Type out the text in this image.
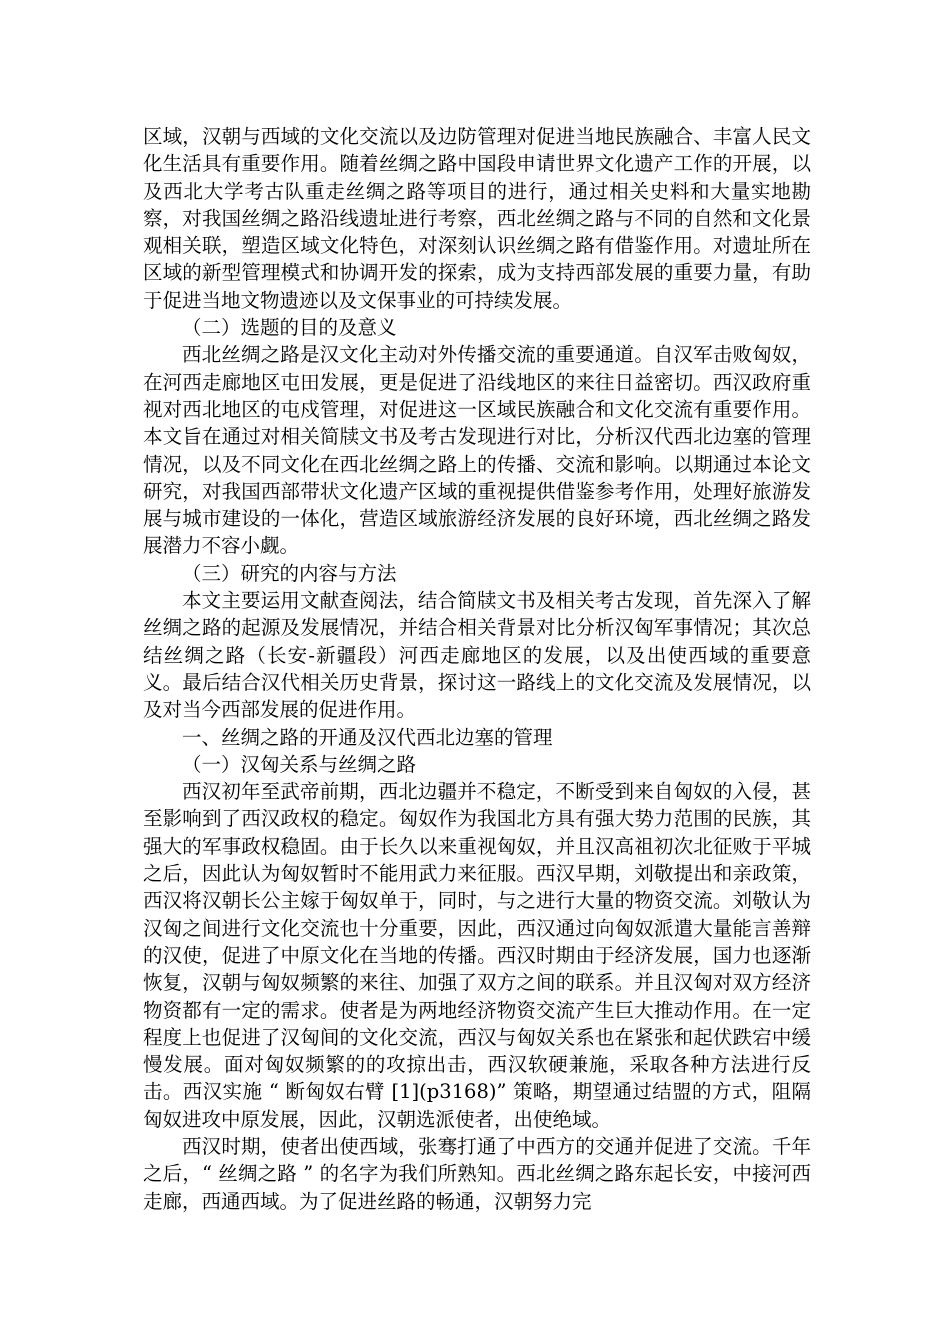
区域，汉朝与西域的文化交流以及边防管理对促进当地民族融合、丰富人民文化生活具有重要作用。随着丝绸之路中国段申请世界文化遗产工作的开展，以及西北大学考古队重走丝绸之路等项目的进行，通过相关史料和大量实地勘察，对我国丝绸之路沿线遗址进行考察，西北丝绸之路与不同的自然和文化景观相关联，塑造区域文化特色，对深刻认识丝绸之路有借鉴作用。对遗址所在区域的新型管理模式和协调开发的探索，成为支持西部发展的重要力量，有助于促进当地文物遗迹以及文保事业的可持续发展。

（二）选题的目的及意义

西北丝绸之路是汉文化主动对外传播交流的重要通道。自汉军击败匈奴，在河西走廊地区屯田发展，更是促进了沿线地区的来往日益密切。西汉政府重视对西北地区的屯戍管理，对促进这一区域民族融合和文化交流有重要作用。本文旨在通过对相关简牍文书及考古发现进行对比，分析汉代西北边塞的管理情况，以及不同文化在西北丝绸之路上的传播、交流和影响。以期通过本论文研究，对我国西部带状文化遗产区域的重视提供借鉴参考作用，处理好旅游发展与城市建设的一体化，营造区域旅游经济发展的良好环境，西北丝绸之路发展潜力不容小觑。

（三）研究的内容与方法

本文主要运用文献查阅法，结合简牍文书及相关考古发现，首先深入了解丝绸之路的起源及发展情况，并结合相关背景对比分析汉匈军事情况；其次总结丝绸之路（长安-新疆段）河西走廊地区的发展，以及出使西域的重要意义。最后结合汉代相关历史背景，探讨这一路线上的文化交流及发展情况，以及对当今西部发展的促进作用。

一、丝绸之路的开通及汉代西北边塞的管理

（一）汉匈关系与丝绸之路

西汉初年至武帝前期，西北边疆并不稳定，不断受到来自匈奴的入侵，甚至影响到了西汉政权的稳定。匈奴作为我国北方具有强大势力范围的民族，其强大的军事政权稳固。由于长久以来重视匈奴，并且汉高祖初次北征败于平城之后，因此认为匈奴暂时不能用武力来征服。西汉早期，刘敬提出和亲政策，西汉将汉朝长公主嫁于匈奴单于，同时，与之进行大量的物资交流。刘敬认为汉匈之间进行文化交流也十分重要，因此，西汉通过向匈奴派遣大量能言善辩的汉使，促进了中原文化在当地的传播。西汉时期由于经济发展，国力也逐渐恢复，汉朝与匈奴频繁的来往、加强了双方之间的联系。并且汉匈对双方经济物资都有一定的需求。使者是为两地经济物资交流产生巨大推动作用。在一定程度上也促进了汉匈间的文化交流，西汉与匈奴关系也在紧张和起伏跌宕中缓慢发展。面对匈奴频繁的的攻掠出击，西汉软硬兼施，采取各种方法进行反击。西汉实施 “ 断匈奴右臂 [1](p3168)” 策略，期望通过结盟的方式，阻隔匈奴进攻中原发展，因此，汉朝选派使者，出使绝域。

西汉时期，使者出使西域，张骞打通了中西方的交通并促进了交流。千年之后，“ 丝绸之路 ” 的名字为我们所熟知。西北丝绸之路东起长安，中接河西走廊，西通西域。为了促进丝路的畅通，汉朝努力完
